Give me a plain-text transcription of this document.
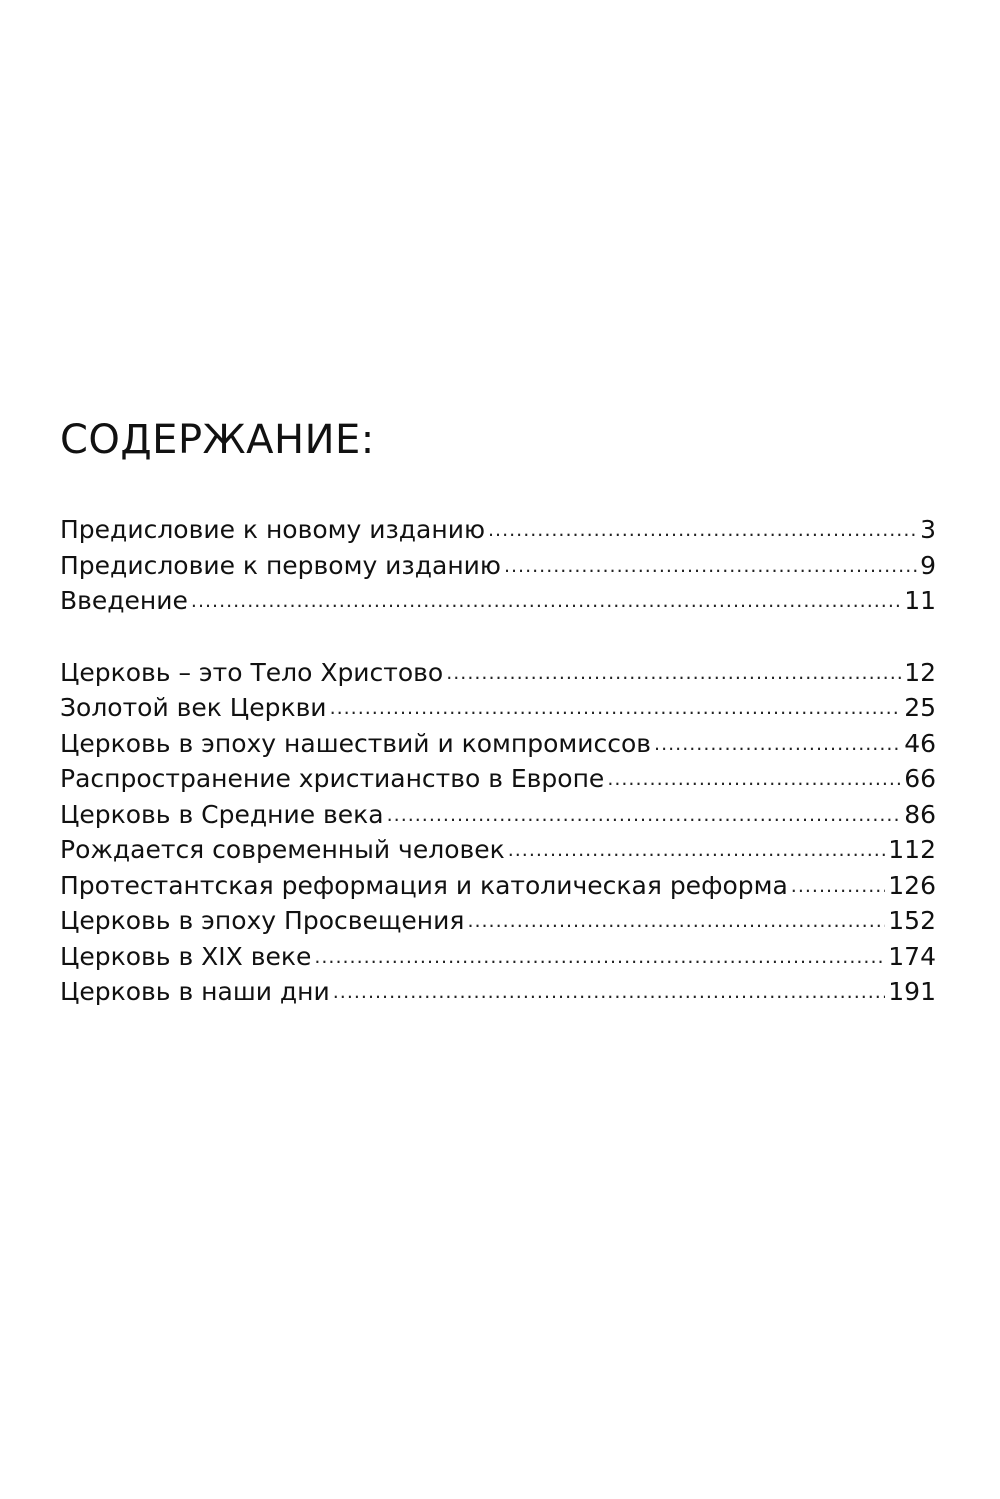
СОДЕРЖАНИЕ:
Предисловие к новому изданию .....	3
Предисловие к первому изданию .....	9
Введение .....	11
Церковь – это Тело Христово .....	12
Золотой век Церкви .....	25
Церковь в эпоху нашествий и компромиссов .....	46
Распространение христианство в Европе .....	66
Церковь в Средние века .....	86
Рождается современный человек .....	112
Протестантская реформация и католическая реформа .....	126
Церковь в эпоху Просвещения .....	152
Церковь в XIX веке .....	174
Церковь в наши дни .....	191
